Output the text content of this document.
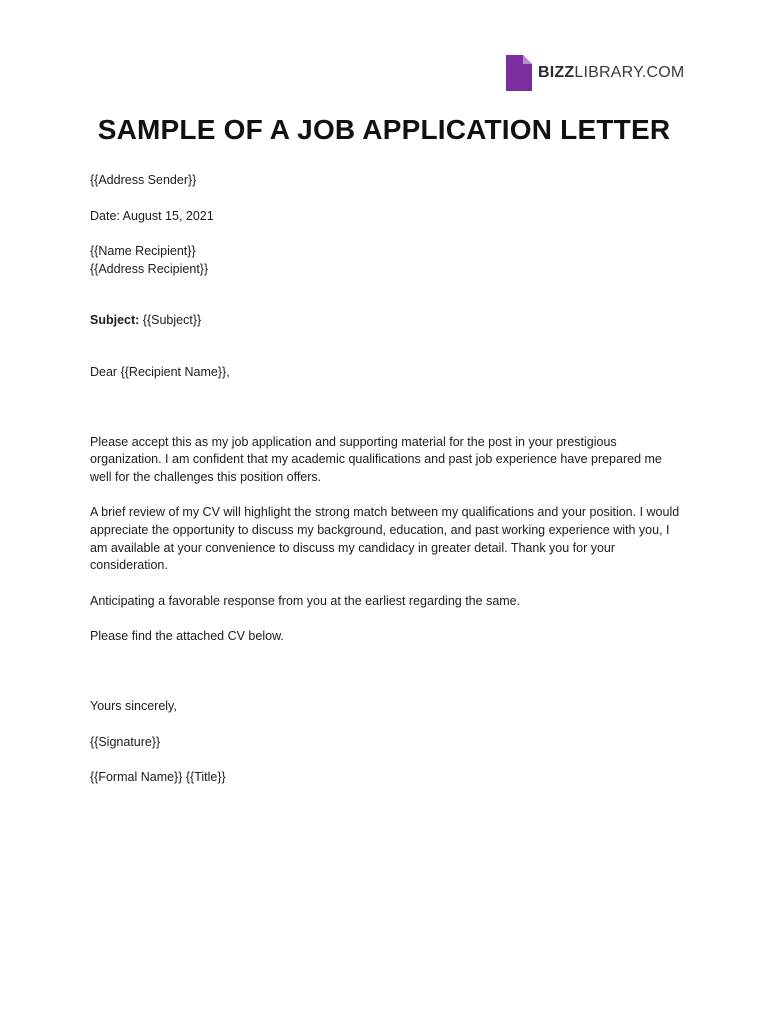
BIZZLIBRARY.COM
SAMPLE OF A JOB APPLICATION LETTER

{{Address Sender}}

Date: August 15, 2021

{{Name Recipient}}

{{Address Recipient}}

Subject: {{Subject}}

Dear {{Recipient Name}},

Please accept this as my job application and supporting material for the post in your prestigious organization. I am confident that my academic qualifications and past job experience have prepared me well for the challenges this position offers.

A brief review of my CV will highlight the strong match between my qualifications and your position. I would appreciate the opportunity to discuss my background, education, and past working experience with you, I am available at your convenience to discuss my candidacy in greater detail. Thank you for your consideration.

Anticipating a favorable response from you at the earliest regarding the same.

Please find the attached CV below.

Yours sincerely,

{{Signature}}

{{Formal Name}} {{Title}}
